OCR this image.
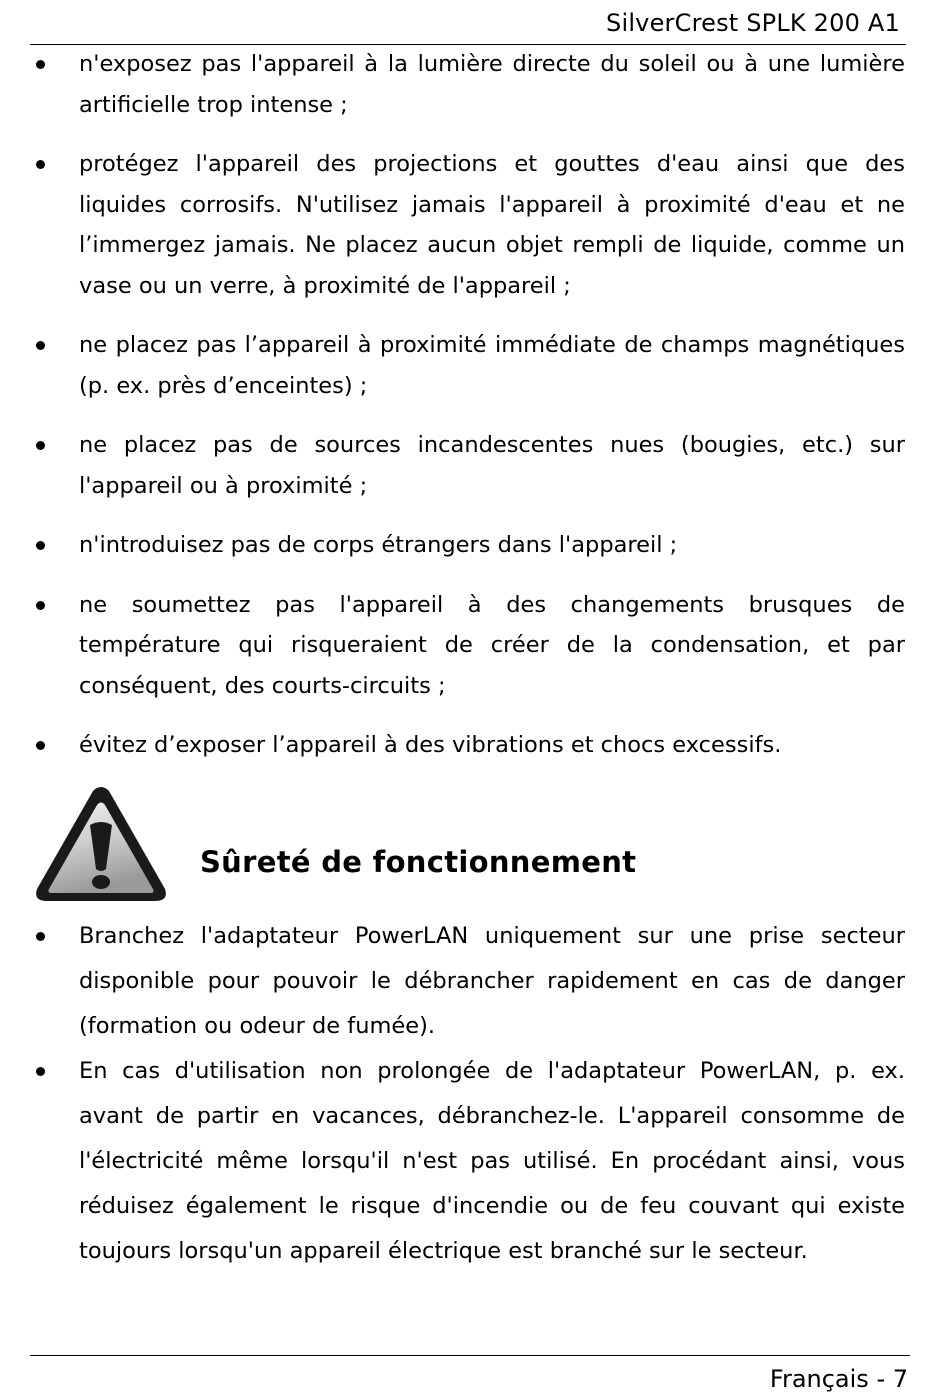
SilverCrest SPLK 200 A1
n'exposez pas l'appareil à la lumière directe du soleil ou à une lumière artificielle trop intense ;
protégez l'appareil des projections et gouttes d'eau ainsi que des liquides corrosifs. N'utilisez jamais l'appareil à proximité d'eau et ne l’immergez jamais. Ne placez aucun objet rempli de liquide, comme un vase ou un verre, à proximité de l'appareil ;
ne placez pas l’appareil à proximité immédiate de champs magnétiques (p. ex. près d’enceintes) ;
ne placez pas de sources incandescentes nues (bougies, etc.) sur l'appareil ou à proximité ;
n'introduisez pas de corps étrangers dans l'appareil ;
ne soumettez pas l'appareil à des changements brusques de température qui risqueraient de créer de la condensation, et par conséquent, des courts-circuits ;
évitez d’exposer l’appareil à des vibrations et chocs excessifs.
Sûreté de fonctionnement
Branchez l'adaptateur PowerLAN uniquement sur une prise secteur disponible pour pouvoir le débrancher rapidement en cas de danger (formation ou odeur de fumée).
En cas d'utilisation non prolongée de l'adaptateur PowerLAN, p. ex. avant de partir en vacances, débranchez-le. L'appareil consomme de l'électricité même lorsqu'il n'est pas utilisé. En procédant ainsi, vous réduisez également le risque d'incendie ou de feu couvant qui existe toujours lorsqu'un appareil électrique est branché sur le secteur.
Français - 7
